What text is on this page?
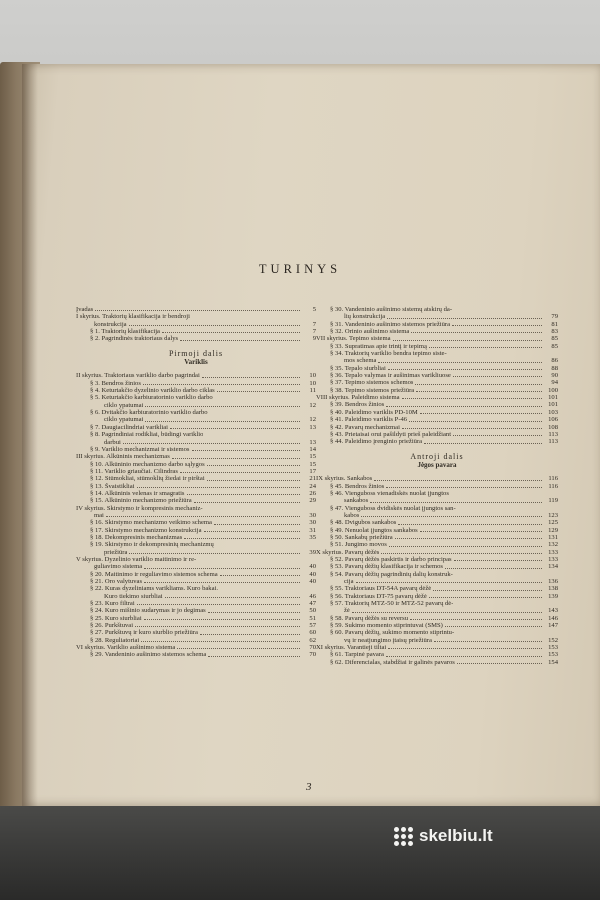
TURINYS
Įvadas	5
I skyrius. Traktorių klasifikacija ir bendroji
konstrukcija	7
§ 1. Traktorių klasifikacija	7
§ 2. Pagrindinės traktoriaus dalys	9
Pirmoji dalis
Variklis
II skyrius. Traktoriaus variklio darbo pagrindai	10
§ 3. Bendros žinios	10
§ 4. Keturtakčio dyzelinio variklio darbo ciklas	11
§ 5. Keturtakčio karbiuratorinio variklio darbo
ciklo ypatumai	12
§ 6. Dvitakčio karbiuratorinio variklio darbo
ciklo ypatumai	12
§ 7. Daugiacilindriai varikliai	13
§ 8. Pagrindiniai rodikliai, būdingi variklio
darbui	13
§ 9. Variklio mechanizmai ir sistemos	14
III skyrius. Alkūninis mechanizmas	15
§ 10. Alkūninio mechanizmo darbo sąlygos	15
§ 11. Variklio griaučiai. Cilindras	17
§ 12. Stūmokliai, stūmoklių žiedai ir pirštai	21
§ 13. Švaistikliai	24
§ 14. Alkūninis velenas ir smagratis	26
§ 15. Alkūninio mechanizmo priežiūra	29
IV skyrius. Skirstymo ir kompresinis mechaniz-
mai	30
§ 16. Skirstymo mechanizmo veikimo schema	30
§ 17. Skirstymo mechanizmo konstrukcija	31
§ 18. Dekompresinis mechanizmas	35
§ 19. Skirstymo ir dekompresinių mechanizmų
priežiūra	39
V skyrius. Dyzelinio variklio maitinimo ir re-
guliavimo sistema	40
§ 20. Maitinimo ir reguliavimo sistemos schema	40
§ 21. Oro valytuvas	40
§ 22. Kuras dyzeliniams varikliams. Kuro bakai.
Kuro tiekimo siurbliai	46
§ 23. Kuro filtrai	47
§ 24. Kuro mišinio sudarymas ir jo degimas	50
§ 25. Kuro siurbliai	51
§ 26. Purkštuvai	57
§ 27. Purkštuvų ir kuro siurblio priežiūra	60
§ 28. Reguliatoriai	62
VI skyrius. Variklio aušinimo sistema	70
§ 29. Vandeninio aušinimo sistemos schema	70
§ 30. Vandeninio aušinimo sistemų atskirų da-
lių konstrukcija	79
§ 31. Vandeninio aušinimo sistemos priežiūra	81
§ 32. Orinio aušinimo sistema	83
VII skyrius. Tepimo sistema	85
§ 33. Supratimas apie trintį ir tepimą	85
§ 34. Traktorių variklio bendra tepimo siste-
mos schema	86
§ 35. Tepalo siurbliai	88
§ 36. Tepalo valymas ir aušinimas varikliuose	90
§ 37. Tepimo sistemos schemos	94
§ 38. Tepimo sistemos priežiūra	100
VIII skyrius. Paleidimo sistema	101
§ 39. Bendros žinios	101
§ 40. Paleidimo variklis PD-10M	103
§ 41. Paleidimo variklis P-46	106
§ 42. Pavarų mechanizmai	108
§ 43. Prietaisai orui pašildyti prieš paleidžiant	113
§ 44. Paleidimo įrenginio priežiūra	113
Antroji dalis
Jėgos pavara
IX skyrius. Sankabos	116
§ 45. Bendros žinios	116
§ 46. Vienguboss vienadiskės nuolat įjungtos
sankabos	119
§ 47. Vienguboss dvidiskės nuolat įjungtos san-
kabos	123
§ 48. Dvigubos sankabos	125
§ 49. Nenuolat įjungtos sankabos	129
§ 50. Sankabų priežiūra	131
§ 51. Jungimo movos	132
X skyrius. Pavarų dėžės	133
§ 52. Pavarų dėžės paskirtis ir darbo principas	133
§ 53. Pavarų dėžių klasifikacija ir schemos	134
§ 54. Pavarų dėžių pagrindinių dalių konstruk-
cija	136
§ 55. Traktoriaus DT-54A pavarų dėžė	138
§ 56. Traktoriaus DT-75 pavarų dėžė	139
§ 57. Traktorių MTZ-50 ir MTZ-52 pavarų dė-
žė	143
§ 58. Pavarų dėžės su reversu	146
§ 59. Sukimo momento stiprintuvai (SMS)	147
§ 60. Pavarų dėžių, sukimo momento stiprintu-
vų ir neatjungimo įtaisų priežiūra	152
XI skyrius. Varantieji tiltai	153
§ 61. Tarpinė pavara	153
§ 62. Diferencialas, stabdžiai ir galinės pavaros	154
3
skelbiu.lt
